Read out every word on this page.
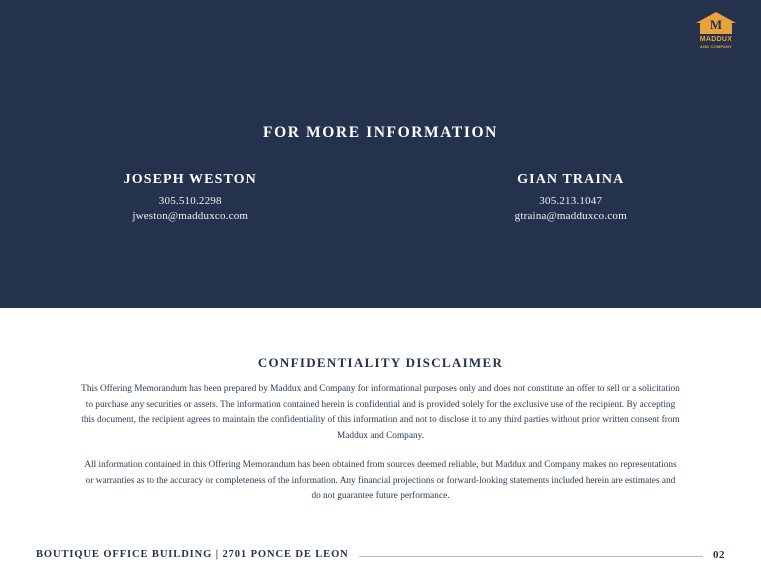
M
MADDUX
AND COMPANY
FOR MORE INFORMATION
JOSEPH WESTON
305.510.2298
jweston@madduxco.com
GIAN TRAINA
305.213.1047
gtraina@madduxco.com
CONFIDENTIALITY DISCLAIMER

This Offering Memorandum has been prepared by Maddux and Company for informational purposes only and does not constitute an offer to sell or a solicitation to purchase any securities or assets. The information contained herein is confidential and is provided solely for the exclusive use of the recipient. By accepting this document, the recipient agrees to maintain the confidentiality of this information and not to disclose it to any third parties without prior written consent from Maddux and Company.

All information contained in this Offering Memorandum has been obtained from sources deemed reliable, but Maddux and Company makes no representations or warranties as to the accuracy or completeness of the information. Any financial projections or forward-looking statements included herein are estimates and do not guarantee future performance.

BOUTIQUE OFFICE BUILDING | 2701 PONCE DE LEON	02
